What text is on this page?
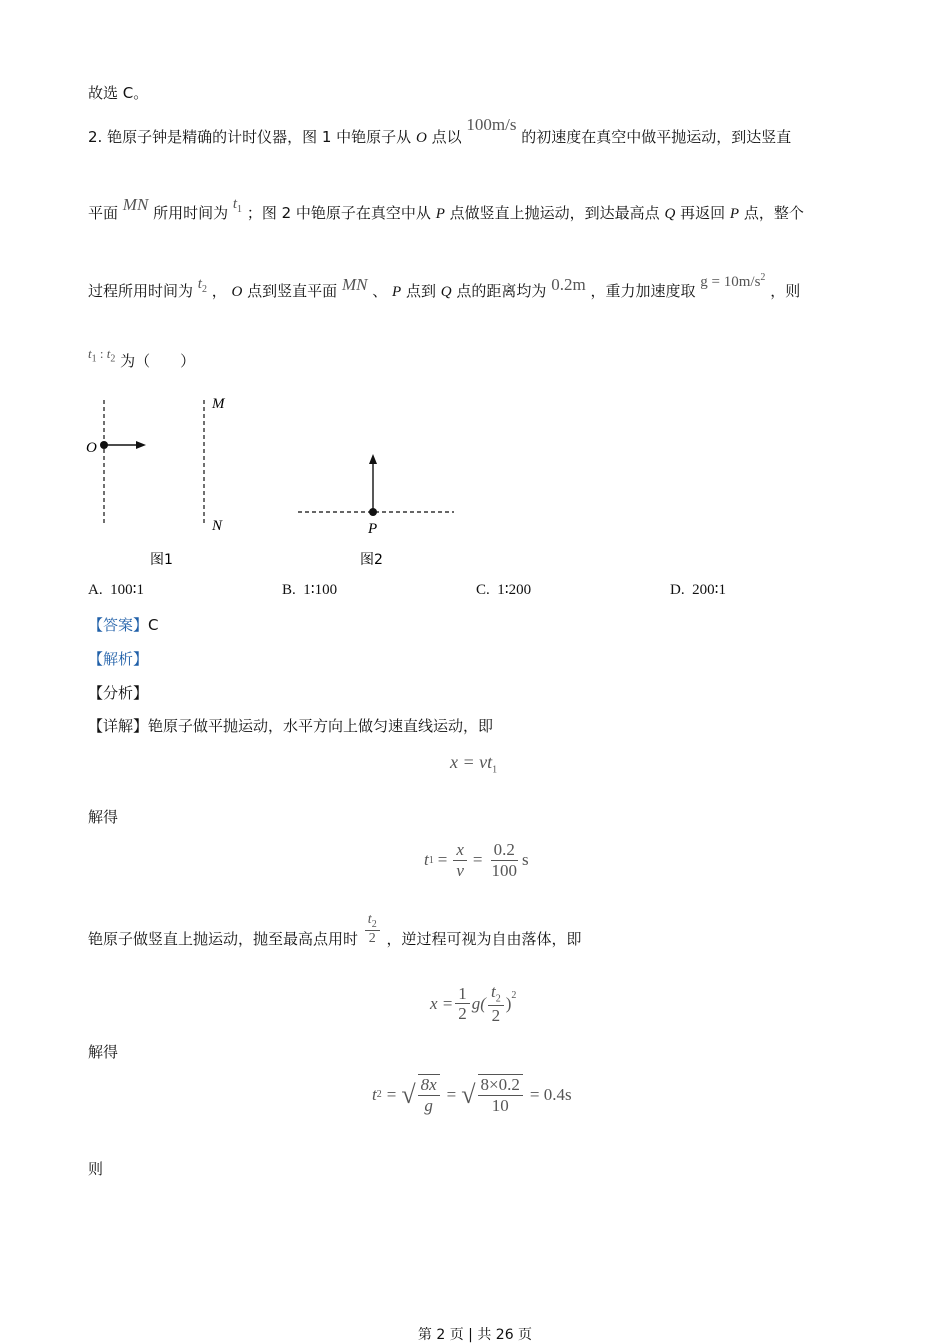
故选 C。
2. 铯原子钟是精确的计时仪器，图 1 中铯原子从 O 点以 100m/s 的初速度在真空中做平抛运动，到达竖直
平面 MN 所用时间为 $t_1$ ；图 2 中铯原子在真空中从 P 点做竖直上抛运动，到达最高点 Q 再返回 P 点，整个
过程所用时间为 $t_2$ ， O 点到竖直平面 MN 、 P 点到 Q 点的距离均为 0.2m ，重力加速度取 $g = 10m/s^2$ ，则
$t_1$ : $t_2$ 为（　　）
O
M
N
图1
P
图2
A. 100∶1	B. 1∶100	C. 1∶200	D. 200∶1
【答案】C
【解析】
【分析】
【详解】铯原子做平抛运动，水平方向上做匀速直线运动，即
$x = vt_1$
解得
t $1 = \frac{x}{v} = \frac{0.2}{100}$ s
铯原子做竖直上抛运动，抛至最高点用时 $\frac{t_2}{2}$ ，逆过程可视为自由落体，即
$x = \frac{1}{2} g( \frac{t_2}{2} )^2$
解得
t 2 = √ $\frac{8x}{g}$ = √ $\frac{8\times 0.2}{10} = 0.4s$
则
第 2 页 | 共 26 页
